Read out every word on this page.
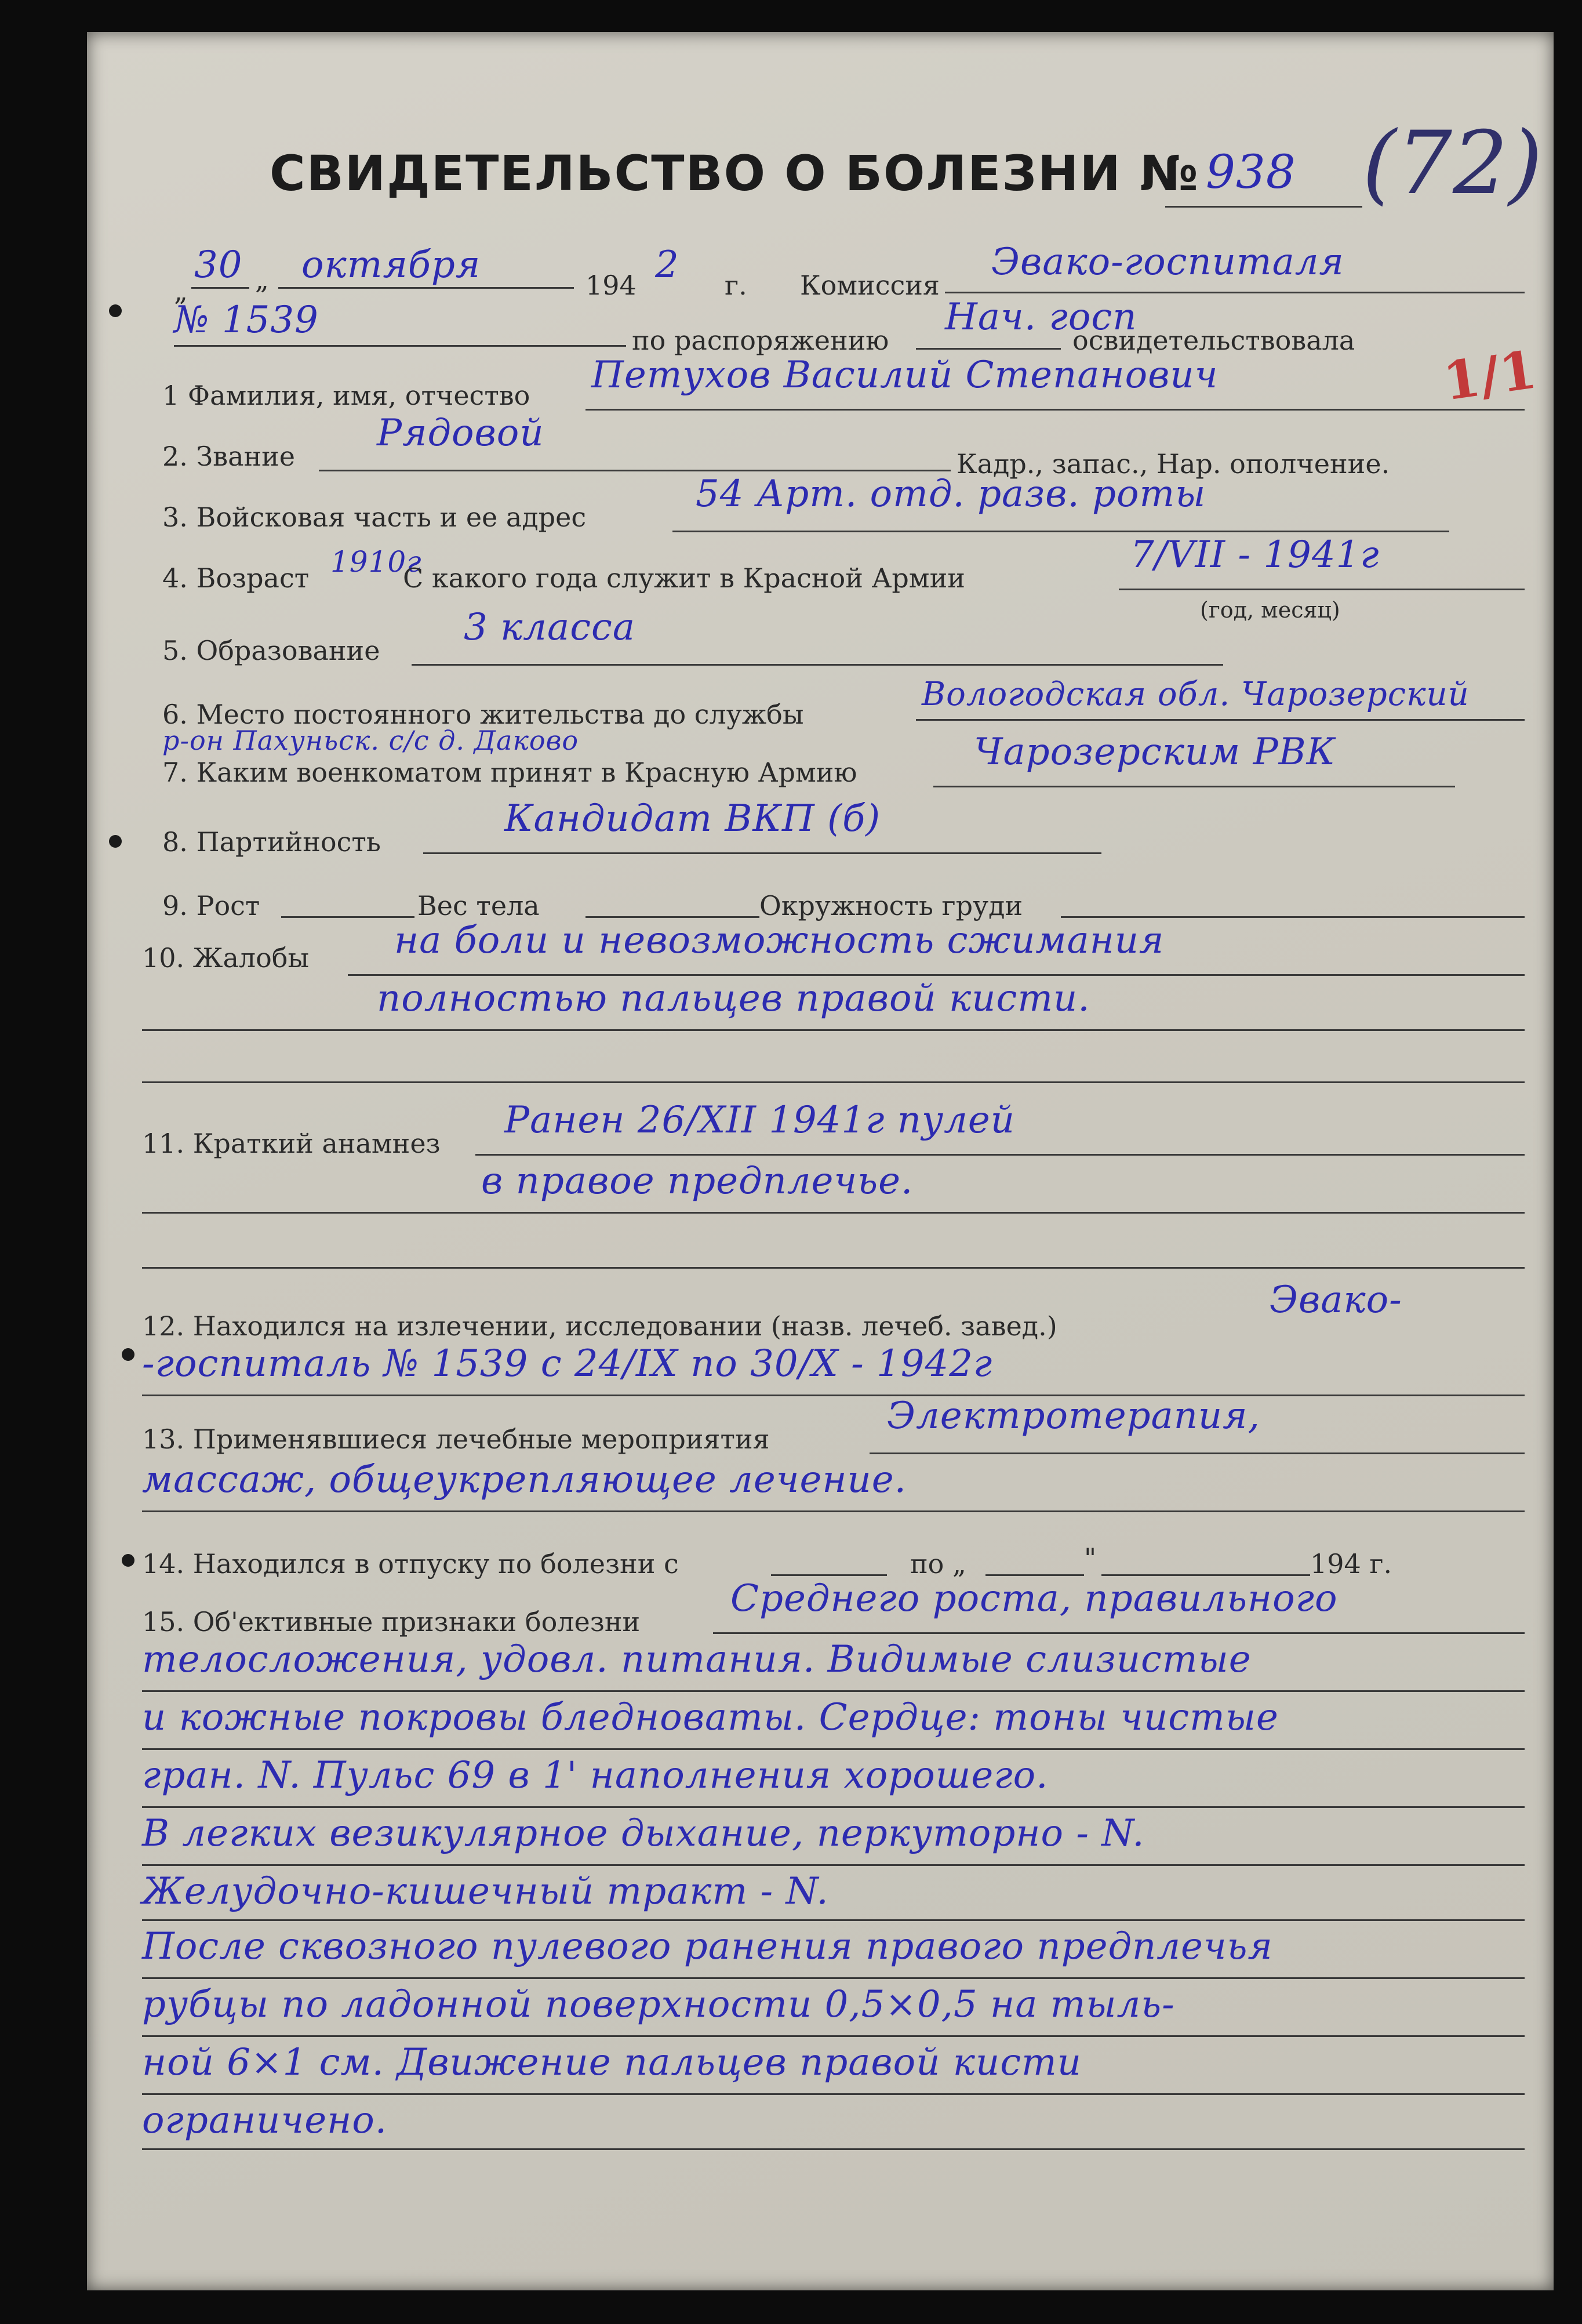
СВИДЕТЕЛЬСТВО О БОЛЕЗНИ № 938 (72)
1/1
„
30 „ октября	194 2 г. Комиссия
Эвако-госпиталя
№ 1539	по распоряжению
Нач. госп
освидетельствовала
1 Фамилия, имя, отчество Петухов Василий Степанович
2. Звание
Рядовой
Кадр., запас., Нар. ополчение.
3. Войсковая часть и ее адрес
54 Арт. отд. разв. роты
4. Возраст 1910г
С какого года служит в Красной Армии
7/VII - 1941г
(год, месяц)
5. Образование
3 класса
6. Место постоянного жительства до службы
Вологодская обл. Чарозерский
р-он Пахуньск. с/с д. Даково
7. Каким военкоматом принят в Красную Армию	Чарозерским РВК
8. Партийность
Кандидат ВКП (б)
9. Рост	Вес тела	Окружность груди
10. Жалобы на боли и невозможность сжимания
полностью пальцев правой кисти.
11. Краткий анамнез
Ранен 26/XII 1941г пулей
в правое предплечье.
12. Находился на излечении, исследовании (назв. лечеб. завед.)
Эвако-
-госпиталь № 1539 с 24/IX по 30/X - 1942г
13. Применявшиеся лечебные мероприятия
Электротерапия,
массаж, общеукрепляющее лечение.
14. Находился в отпуску по болезни с	по „	"	194 г.
15. Об'ективные признаки болезни
Среднего роста, правильного
телосложения, удовл. питания. Видимые слизистые
и кожные покровы бледноваты. Сердце: тоны чистые
гран. N. Пульс 69 в 1' наполнения хорошего.
В легких везикулярное дыхание, перкуторно - N.
Желудочно-кишечный тракт - N.
После сквозного пулевого ранения правого предплечья
рубцы по ладонной поверхности 0,5×0,5 на тыль-
ной 6×1 см. Движение пальцев правой кисти
ограничено.
